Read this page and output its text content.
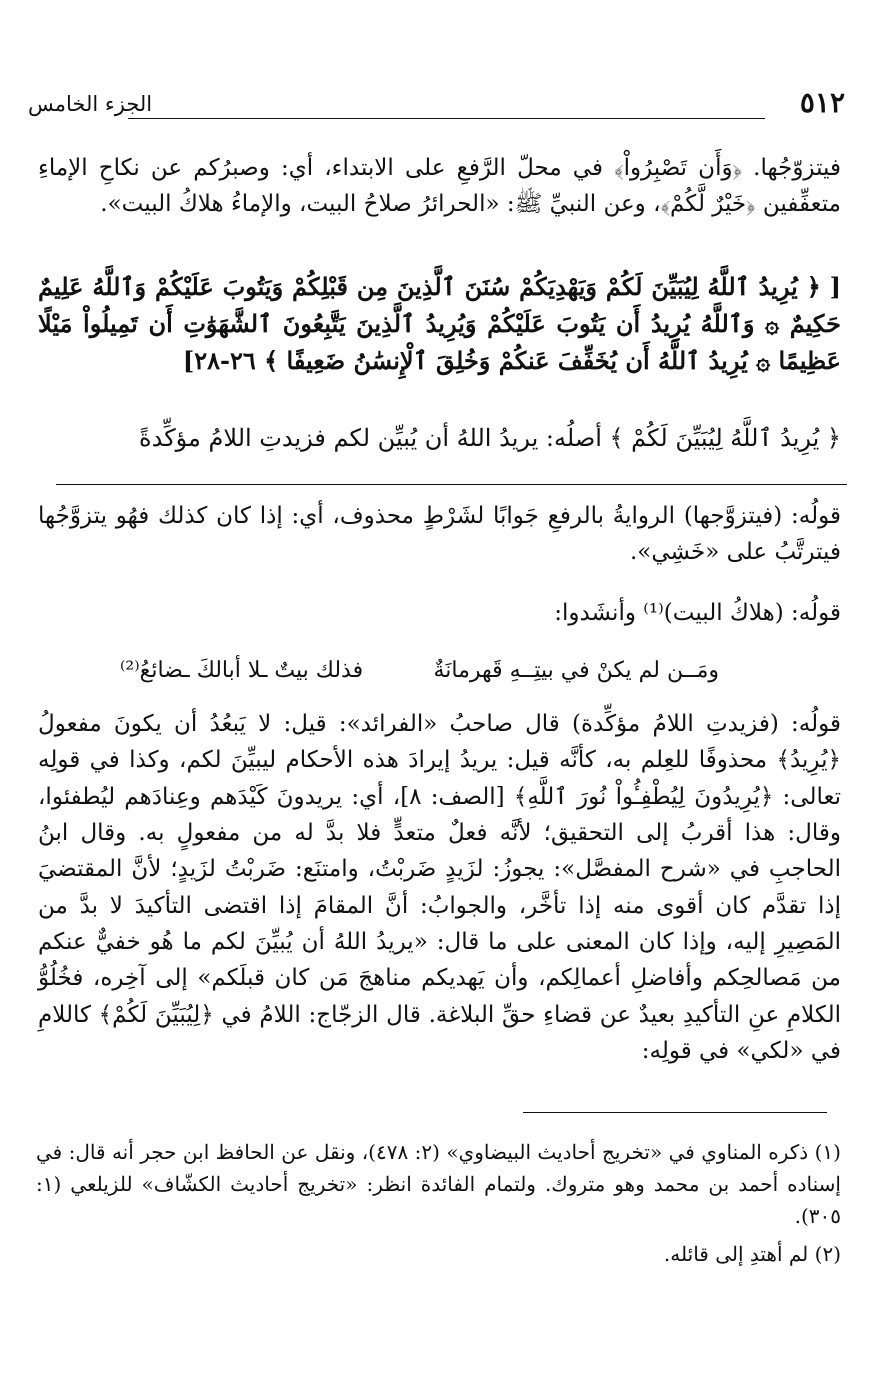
٥١٢
الجزء الخامس

فيتزوّجُها. ﴿وَأَن تَصْبِرُواْ﴾ في محلّ الرَّفعِ على الابتداء، أي: وصبرُكم عن نكاحِ الإماءِ متعفِّفين ﴿خَيْرٌ لَّكُمْ﴾، وعن النبيِّ ﷺ: «الحرائرُ صلاحُ البيت، والإماءُ هلاكُ البيت».

[ ﴿ يُرِيدُ ٱللَّهُ لِيُبَيِّنَ لَكُمْ وَيَهْدِيَكُمْ سُنَنَ ٱلَّذِينَ مِن قَبْلِكُمْ وَيَتُوبَ عَلَيْكُمْ وَٱللَّهُ عَلِيمٌ حَكِيمٌ ۞ وَٱللَّهُ يُرِيدُ أَن يَتُوبَ عَلَيْكُمْ وَيُرِيدُ ٱلَّذِينَ يَتَّبِعُونَ ٱلشَّهَوَٰتِ أَن تَمِيلُواْ مَيْلًا عَظِيمًا ۞ يُرِيدُ ٱللَّهُ أَن يُخَفِّفَ عَنكُمْ وَخُلِقَ ٱلْإِنسَٰنُ ضَعِيفًا ﴾ ٢٦-٢٨]

﴿ يُرِيدُ ٱللَّهُ لِيُبَيِّنَ لَكُمْ ﴾ أصلُه: يريدُ اللهُ أن يُبيِّن لكم فزيدتِ اللامُ مؤكِّدةً

قولُه: (فيتزوَّجها) الروايةُ بالرفعِ جَوابًا لشَرْطٍ محذوف، أي: إذا كان كذلك فهُو يتزوَّجُها فيترتَّبُ على «خَشِي».

قولُه: (هلاكُ البيت)⁽¹⁾ وأنشَدوا:

ومَــن لم يكنْ في بيتِــهِ قَهرمانَةٌ
فذلك بيتٌ ـلا أبالكَ ـضائعُ⁽²⁾

قولُه: (فزيدتِ اللامُ مؤكِّدة) قال صاحبُ «الفرائد»: قيل: لا يَبعُدُ أن يكونَ مفعولُ ﴿يُرِيدُ﴾ محذوفًا للعِلم به، كأنَّه قيل: يريدُ إيرادَ هذه الأحكام ليبيِّنَ لكم، وكذا في قولِه تعالى: ﴿يُرِيدُونَ لِيُطْفِـُٔواْ نُورَ ٱللَّهِ﴾ [الصف: ٨]، أي: يريدونَ كَيْدَهم وعِنادَهم ليُطفئوا، وقال: هذا أقربُ إلى التحقيق؛ لأنَّه فعلٌ متعدٍّ فلا بدَّ له من مفعولٍ به. وقال ابنُ الحاجبِ في «شرح المفصَّل»: يجوزُ: لزَيدٍ ضَربْتُ، وامتنَع: ضَربْتُ لزَيدٍ؛ لأنَّ المقتضيَ إذا تقدَّم كان أقوى منه إذا تأخَّر، والجوابُ: أنَّ المقامَ إذا اقتضى التأكيدَ لا بدَّ من المَصِيرِ إليه، وإذا كان المعنى على ما قال: «يريدُ اللهُ أن يُبيِّنَ لكم ما هُو خفيٌّ عنكم من مَصالحِكم وأفاضلِ أعمالِكم، وأن يَهديكم مناهجَ مَن كان قبلَكم» إلى آخِره، فخُلُوُّ الكلامِ عنِ التأكيدِ بعيدٌ عن قضاءِ حقِّ البلاغة. قال الزجّاج: اللامُ في ﴿لِيُبَيِّنَ لَكُمْ﴾ كاللامِ في «لكي» في قولِه:

(١) ذكره المناوي في «تخريج أحاديث البيضاوي» (٢: ٤٧٨)، ونقل عن الحافظ ابن حجر أنه قال: في إسناده أحمد بن محمد وهو متروك. ولتمام الفائدة انظر: «تخريج أحاديث الكشّاف» للزيلعي (١: ٣٠٥).

(٢) لم أهتدِ إلى قائله.
